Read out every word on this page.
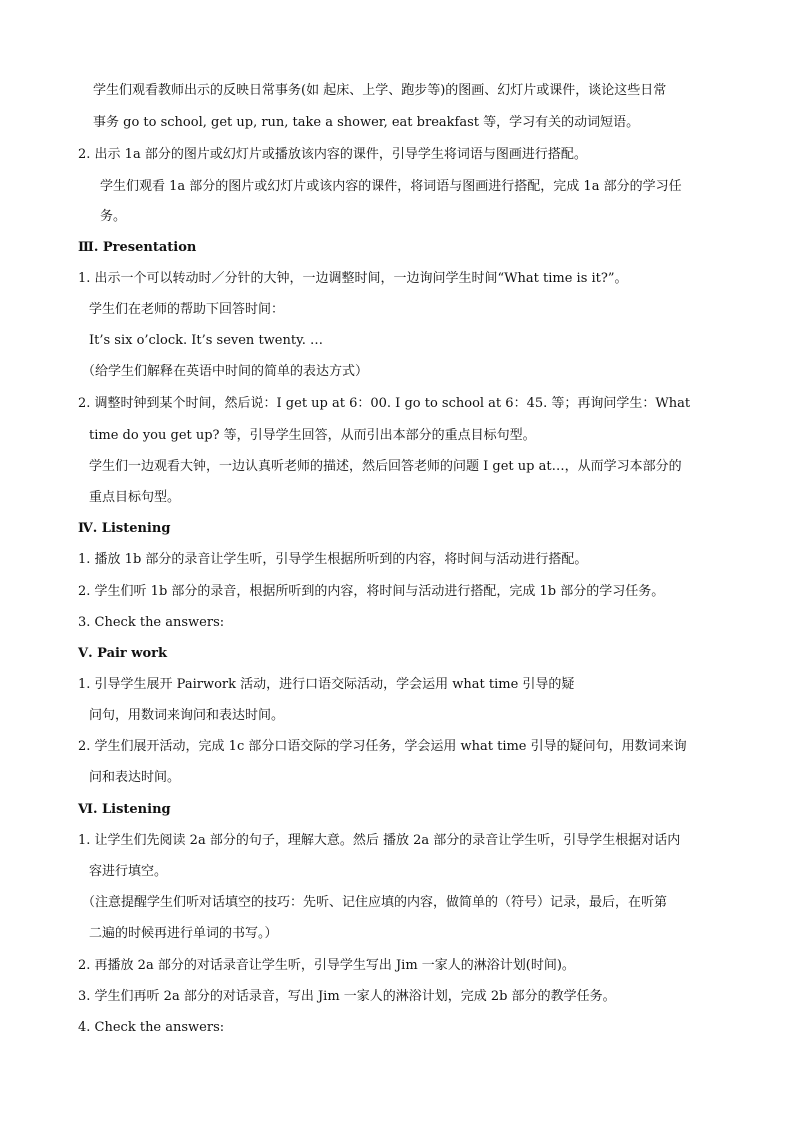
学生们观看教师出示的反映日常事务(如 起床、上学、跑步等)的图画、幻灯片或课件，谈论这些日常
事务 go to school, get up, run, take a shower, eat breakfast 等，学习有关的动词短语。
2. 出示 1a 部分的图片或幻灯片或播放该内容的课件，引导学生将词语与图画进行搭配。
学生们观看 1a 部分的图片或幻灯片或该内容的课件，将词语与图画进行搭配，完成 1a 部分的学习任
务。
Ⅲ. Presentation
1. 出示一个可以转动时／分针的大钟，一边调整时间，一边询问学生时间“What time is it?”。
学生们在老师的帮助下回答时间：
It’s six o’clock. It’s seven twenty. …
（给学生们解释在英语中时间的简单的表达方式）
2. 调整时钟到某个时间，然后说：I get up at 6：00. I go to school at 6：45. 等；再询问学生：What
time do you get up? 等，引导学生回答，从而引出本部分的重点目标句型。
学生们一边观看大钟，一边认真听老师的描述，然后回答老师的问题 I get up at…，从而学习本部分的
重点目标句型。
Ⅳ. Listening
1. 播放 1b 部分的录音让学生听，引导学生根据所听到的内容，将时间与活动进行搭配。
2. 学生们听 1b 部分的录音，根据所听到的内容，将时间与活动进行搭配，完成 1b 部分的学习任务。
3. Check the answers:
Ⅴ. Pair work
1. 引导学生展开 Pairwork 活动，进行口语交际活动，学会运用 what time 引导的疑
问句，用数词来询问和表达时间。
2. 学生们展开活动，完成 1c 部分口语交际的学习任务，学会运用 what time 引导的疑问句，用数词来询
问和表达时间。
Ⅵ. Listening
1. 让学生们先阅读 2a 部分的句子，理解大意。然后 播放 2a 部分的录音让学生听，引导学生根据对话内
容进行填空。
（注意提醒学生们听对话填空的技巧：先听、记住应填的内容，做简单的（符号）记录，最后，在听第
二遍的时候再进行单词的书写。）
2. 再播放 2a 部分的对话录音让学生听，引导学生写出 Jim 一家人的淋浴计划(时间)。
3. 学生们再听 2a 部分的对话录音，写出 Jim 一家人的淋浴计划，完成 2b 部分的教学任务。
4. Check the answers:
